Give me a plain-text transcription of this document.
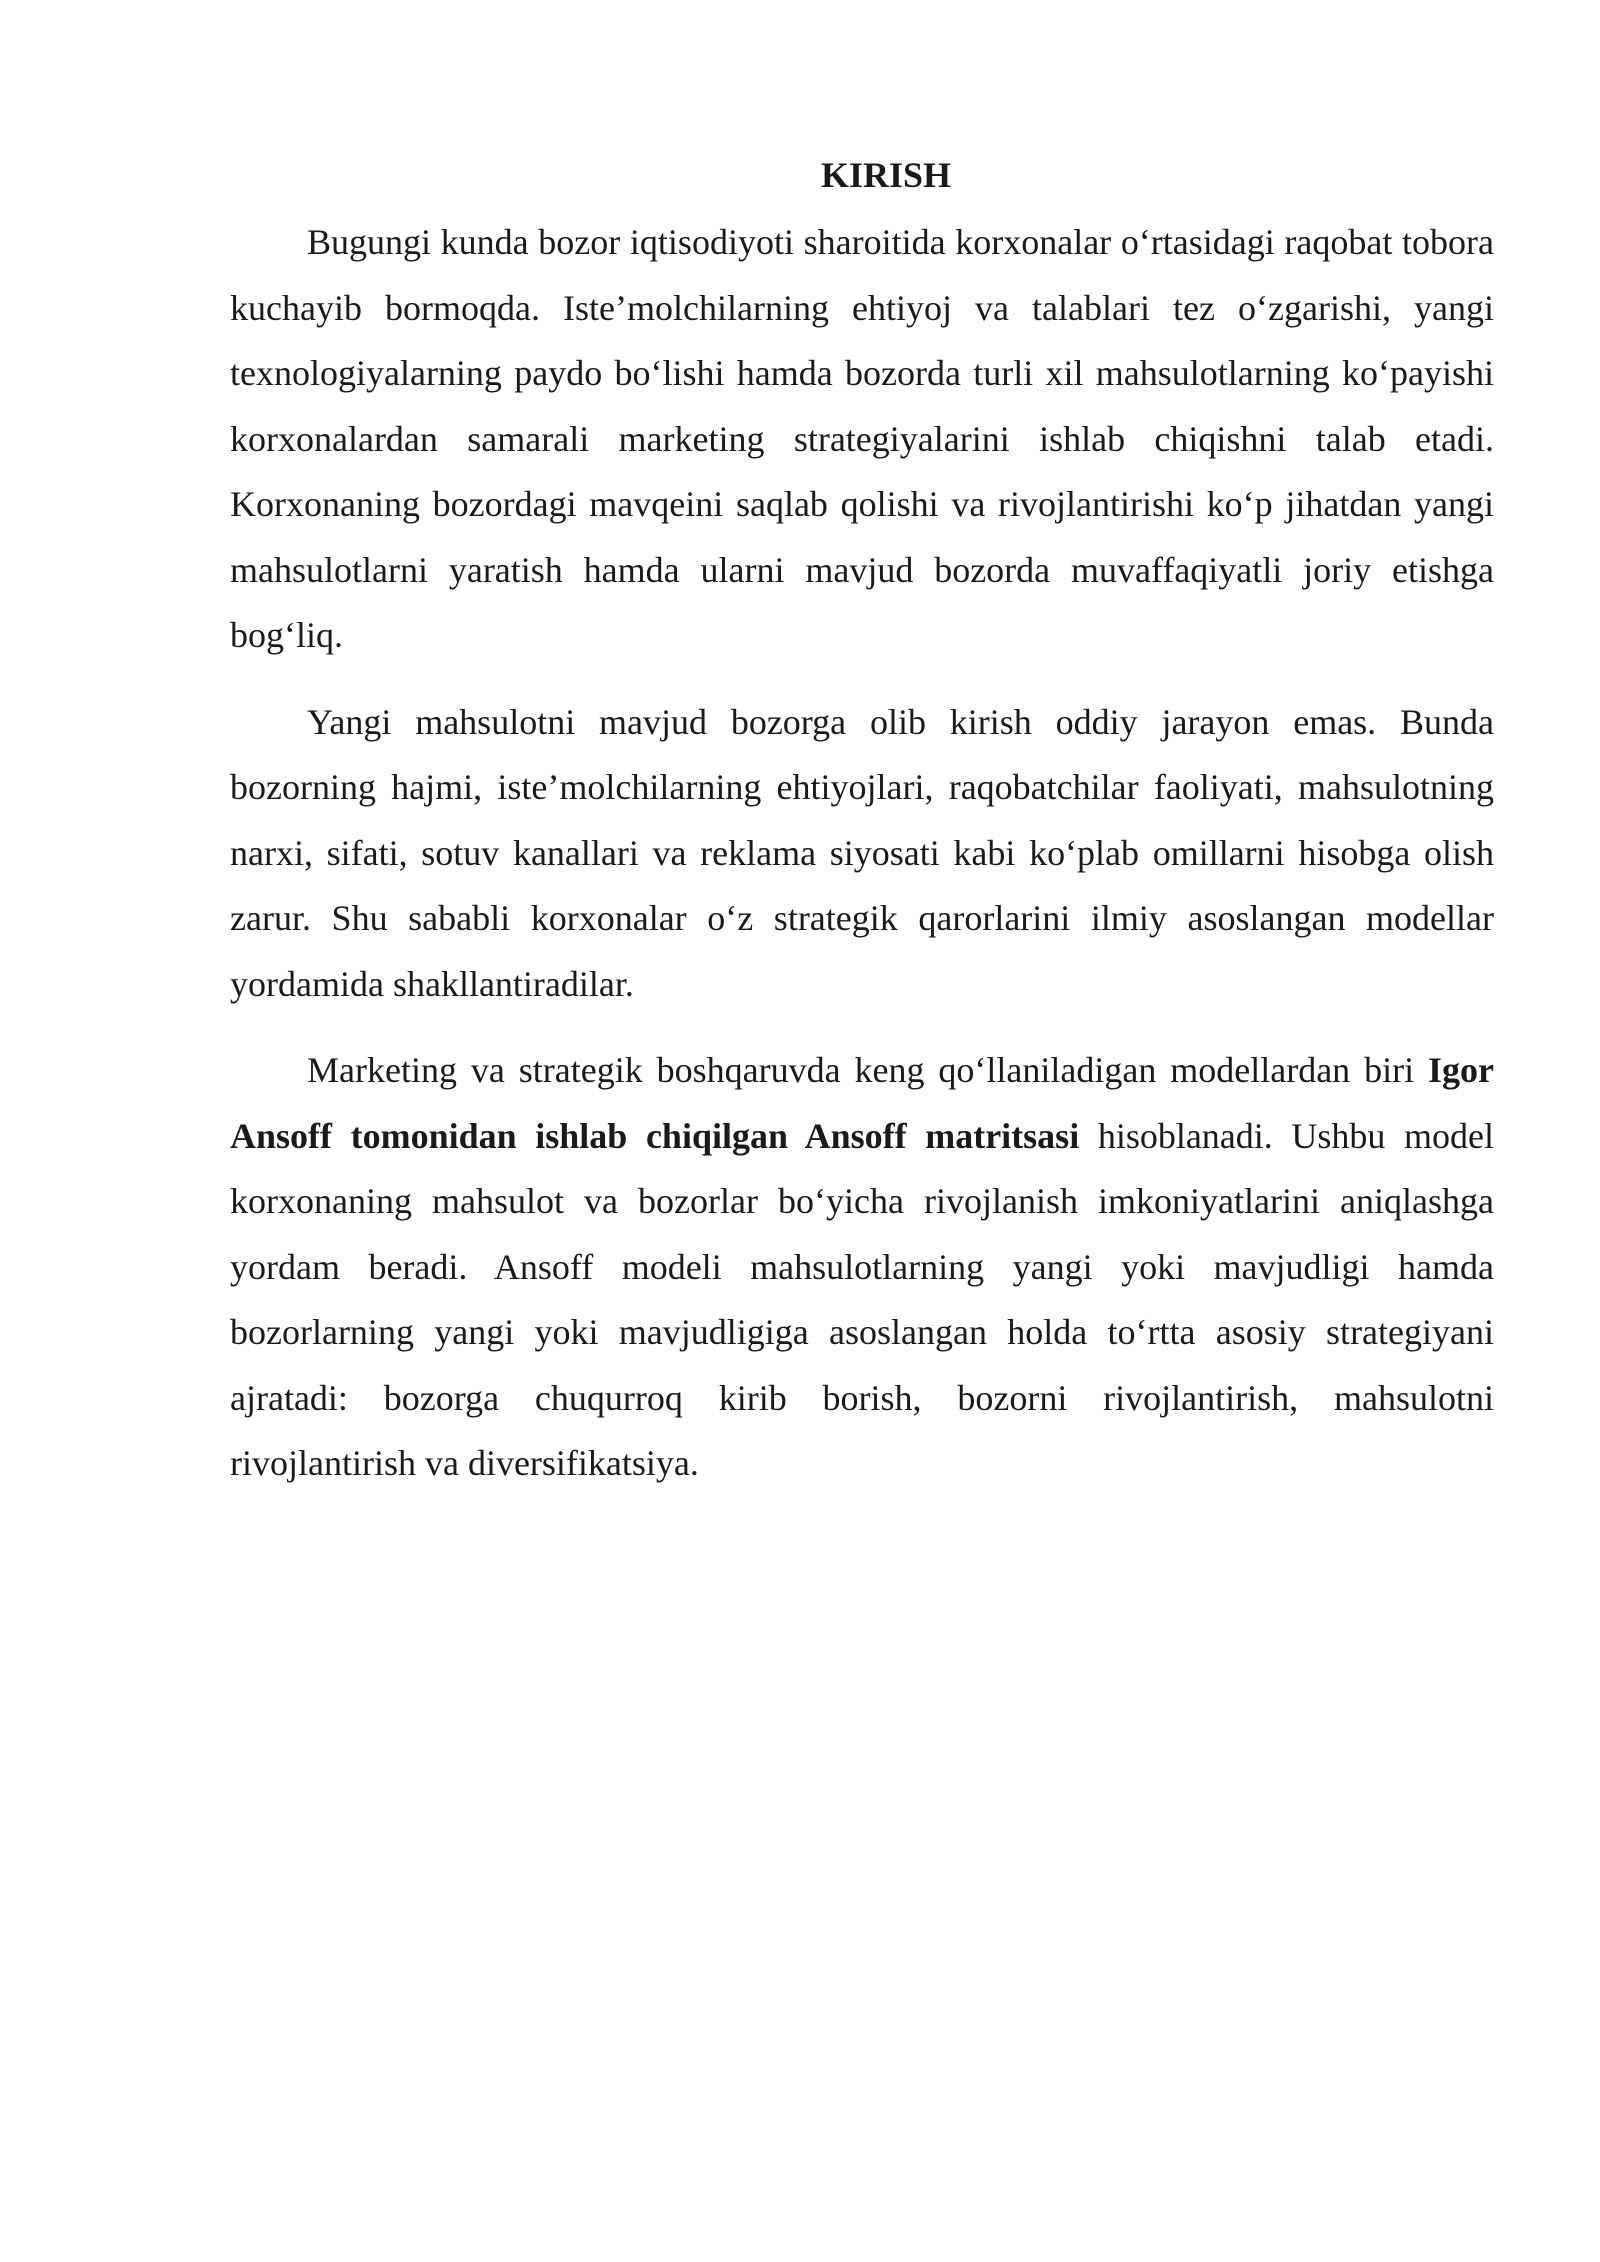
KIRISH

Bugungi kunda bozor iqtisodiyoti sharoitida korxonalar o‘rtasidagi raqobat tobora kuchayib bormoqda. Iste’molchilarning ehtiyoj va talablari tez o‘zgarishi, yangi texnologiyalarning paydo bo‘lishi hamda bozorda turli xil mahsulotlarning ko‘payishi korxonalardan samarali marketing strategiyalarini ishlab chiqishni talab etadi. Korxonaning bozordagi mavqeini saqlab qolishi va rivojlantirishi ko‘p jihatdan yangi mahsulotlarni yaratish hamda ularni mavjud bozorda muvaffaqiyatli joriy etishga bog‘liq.

Yangi mahsulotni mavjud bozorga olib kirish oddiy jarayon emas. Bunda bozorning hajmi, iste’molchilarning ehtiyojlari, raqobatchilar faoliyati, mahsulotning narxi, sifati, sotuv kanallari va reklama siyosati kabi ko‘plab omillarni hisobga olish zarur. Shu sababli korxonalar o‘z strategik qarorlarini ilmiy asoslangan modellar yordamida shakllantiradilar.

Marketing va strategik boshqaruvda keng qo‘llaniladigan modellardan biri Igor Ansoff tomonidan ishlab chiqilgan Ansoff matritsasi hisoblanadi. Ushbu model korxonaning mahsulot va bozorlar bo‘yicha rivojlanish imkoniyatlarini aniqlashga yordam beradi. Ansoff modeli mahsulotlarning yangi yoki mavjudligi hamda bozorlarning yangi yoki mavjudligiga asoslangan holda to‘rtta asosiy strategiyani ajratadi: bozorga chuqurroq kirib borish, bozorni rivojlantirish, mahsulotni rivojlantirish va diversifikatsiya.
